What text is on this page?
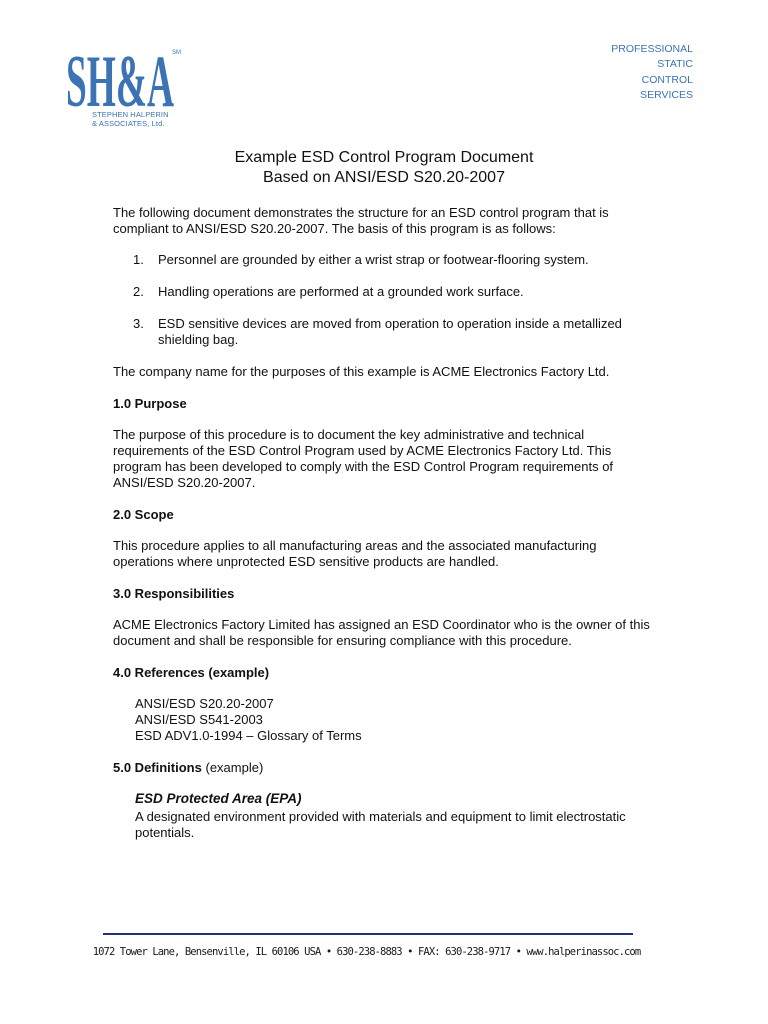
SH&A
SM
STEPHEN HALPERIN
& ASSOCIATES, Ltd.
PROFESSIONAL
STATIC
CONTROL
SERVICES
Example ESD Control Program Document
Based on ANSI/ESD S20.20-2007

The following document demonstrates the structure for an ESD control program that is compliant to ANSI/ESD S20.20-2007. The basis of this program is as follows:

1. Personnel are grounded by either a wrist strap or footwear-flooring system.
2. Handling operations are performed at a grounded work surface.
3. ESD sensitive devices are moved from operation to operation inside a metallized shielding bag.

The company name for the purposes of this example is ACME Electronics Factory Ltd.

1.0 Purpose

The purpose of this procedure is to document the key administrative and technical requirements of the ESD Control Program used by ACME Electronics Factory Ltd. This program has been developed to comply with the ESD Control Program requirements of ANSI/ESD S20.20-2007.

2.0 Scope

This procedure applies to all manufacturing areas and the associated manufacturing operations where unprotected ESD sensitive products are handled.

3.0 Responsibilities

ACME Electronics Factory Limited has assigned an ESD Coordinator who is the owner of this document and shall be responsible for ensuring compliance with this procedure.

4.0 References (example)
ANSI/ESD S20.20-2007
ANSI/ESD S541-2003
ESD ADV1.0-1994 – Glossary of Terms
5.0 Definitions (example)
ESD Protected Area (EPA)
A designated environment provided with materials and equipment to limit electrostatic potentials.
1072 Tower Lane, Bensenville, IL 60106 USA • 630-238-8883 • FAX: 630-238-9717 • www.halperinassoc.com
